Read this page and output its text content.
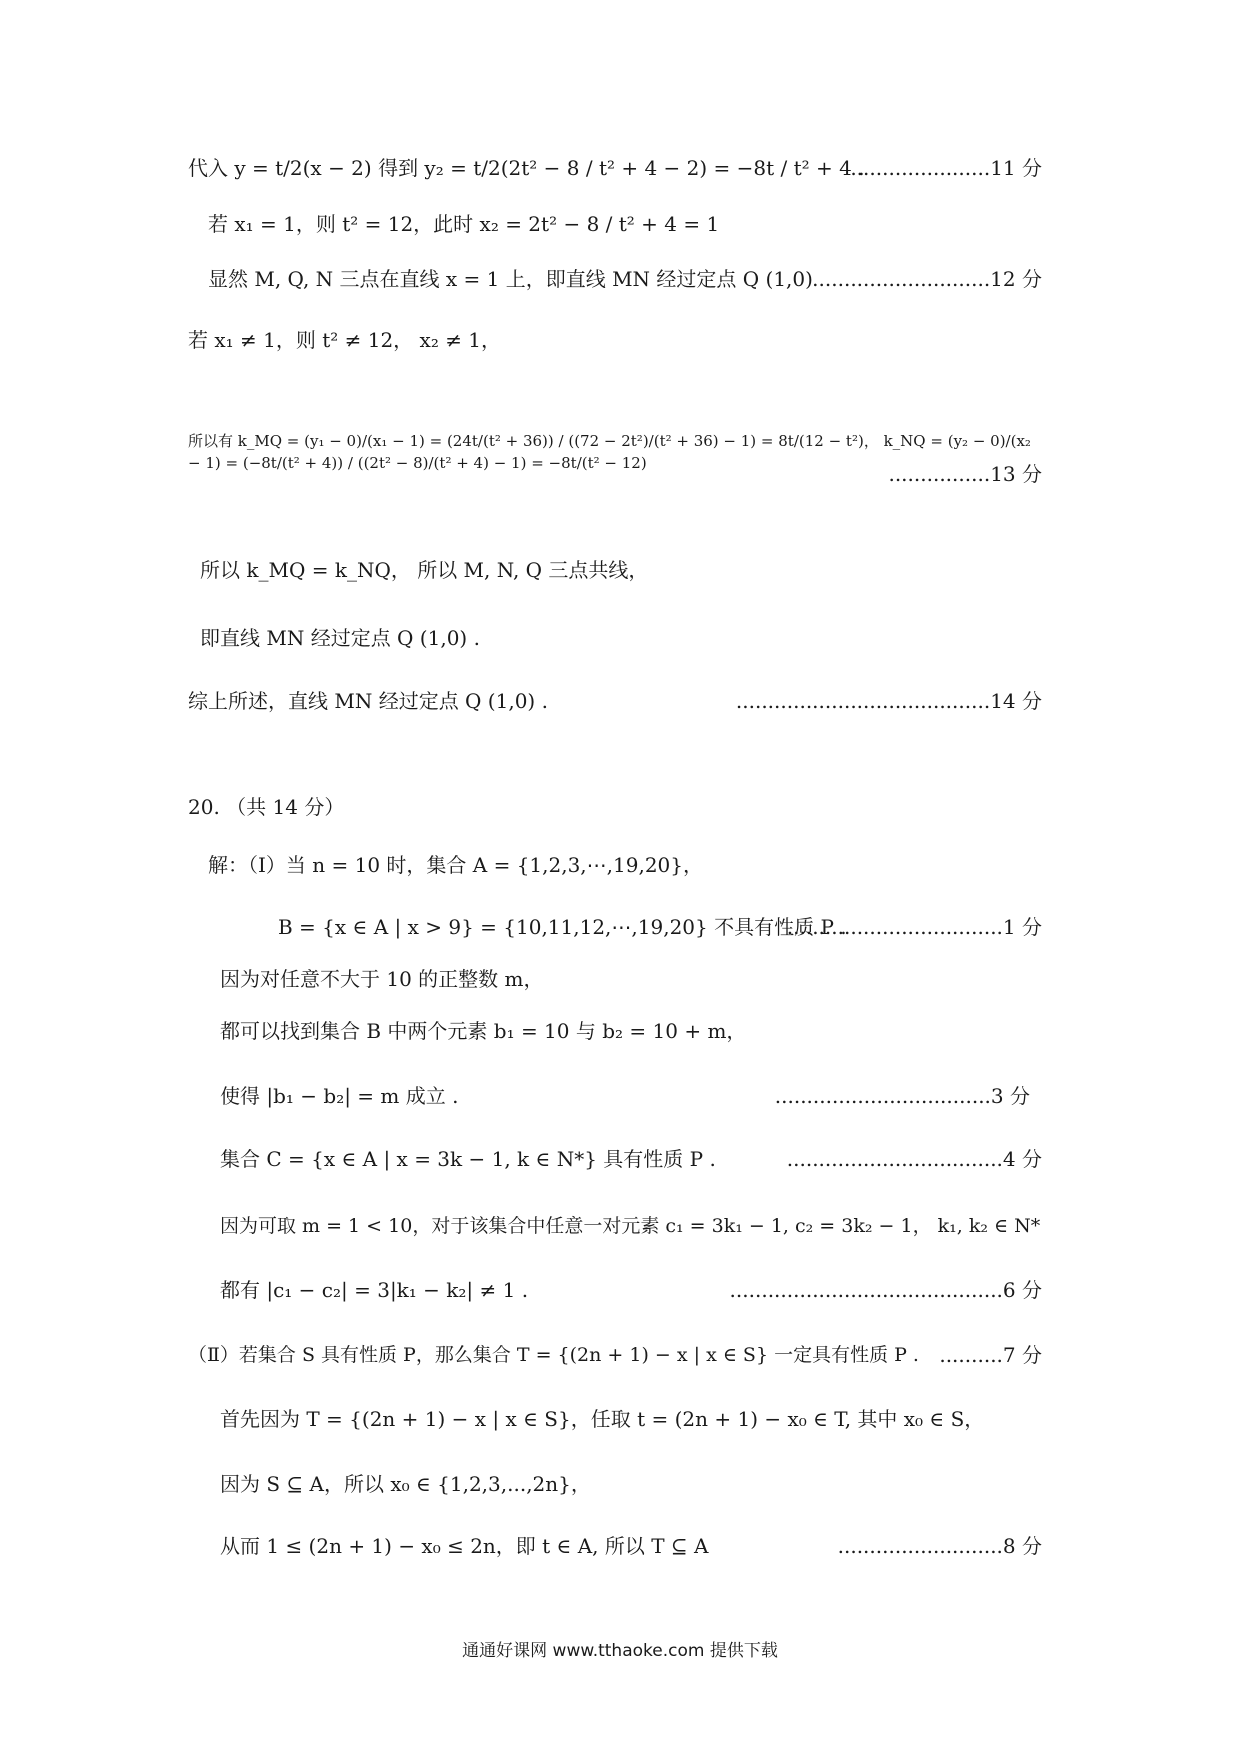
代入 y = t/2(x − 2) 得到 y₂ = t/2(2t² − 8 / t² + 4 − 2) = −8t / t² + 4 .
......................11 分
若 x₁ = 1，则 t² = 12，此时 x₂ = 2t² − 8 / t² + 4 = 1
显然 M, Q, N 三点在直线 x = 1 上，即直线 MN 经过定点 Q (1,0) ............................12 分
若 x₁ ≠ 1，则 t² ≠ 12， x₂ ≠ 1，
所以有 k_MQ = (y₁ − 0)/(x₁ − 1) = (24t/(t² + 36)) / ((72 − 2t²)/(t² + 36) − 1) = 8t/(12 − t²)， k_NQ = (y₂ − 0)/(x₂ − 1) = (−8t/(t² + 4)) / ((2t² − 8)/(t² + 4) − 1) = −8t/(t² − 12)	................13 分
所以 k_MQ = k_NQ， 所以 M, N, Q 三点共线，
即直线 MN 经过定点 Q (1,0) .
综上所述，直线 MN 经过定点 Q (1,0) .	........................................14 分
20. （共 14 分）
解：（Ⅰ）当 n = 10 时，集合 A = {1,2,3,⋯,19,20}，
B = {x ∈ A | x > 9} = {10,11,12,⋯,19,20} 不具有性质 P .
..................................1 分
因为对任意不大于 10 的正整数 m，
都可以找到集合 B 中两个元素 b₁ = 10 与 b₂ = 10 + m，
使得 |b₁ − b₂| = m 成立 .	..................................3 分
集合 C = {x ∈ A | x = 3k − 1, k ∈ N*} 具有性质 P .	..................................4 分
因为可取 m = 1 < 10，对于该集合中任意一对元素 c₁ = 3k₁ − 1, c₂ = 3k₂ − 1， k₁, k₂ ∈ N*
都有 |c₁ − c₂| = 3|k₁ − k₂| ≠ 1 .	...........................................6 分
（Ⅱ）若集合 S 具有性质 P，那么集合 T = {(2n + 1) − x | x ∈ S} 一定具有性质 P . ..........7 分
首先因为 T = {(2n + 1) − x | x ∈ S}，任取 t = (2n + 1) − x₀ ∈ T, 其中 x₀ ∈ S，
因为 S ⊆ A，所以 x₀ ∈ {1,2,3,...,2n}，
从而 1 ≤ (2n + 1) − x₀ ≤ 2n，即 t ∈ A, 所以 T ⊆ A	..........................8 分
通通好课网 www.tthaoke.com 提供下载
